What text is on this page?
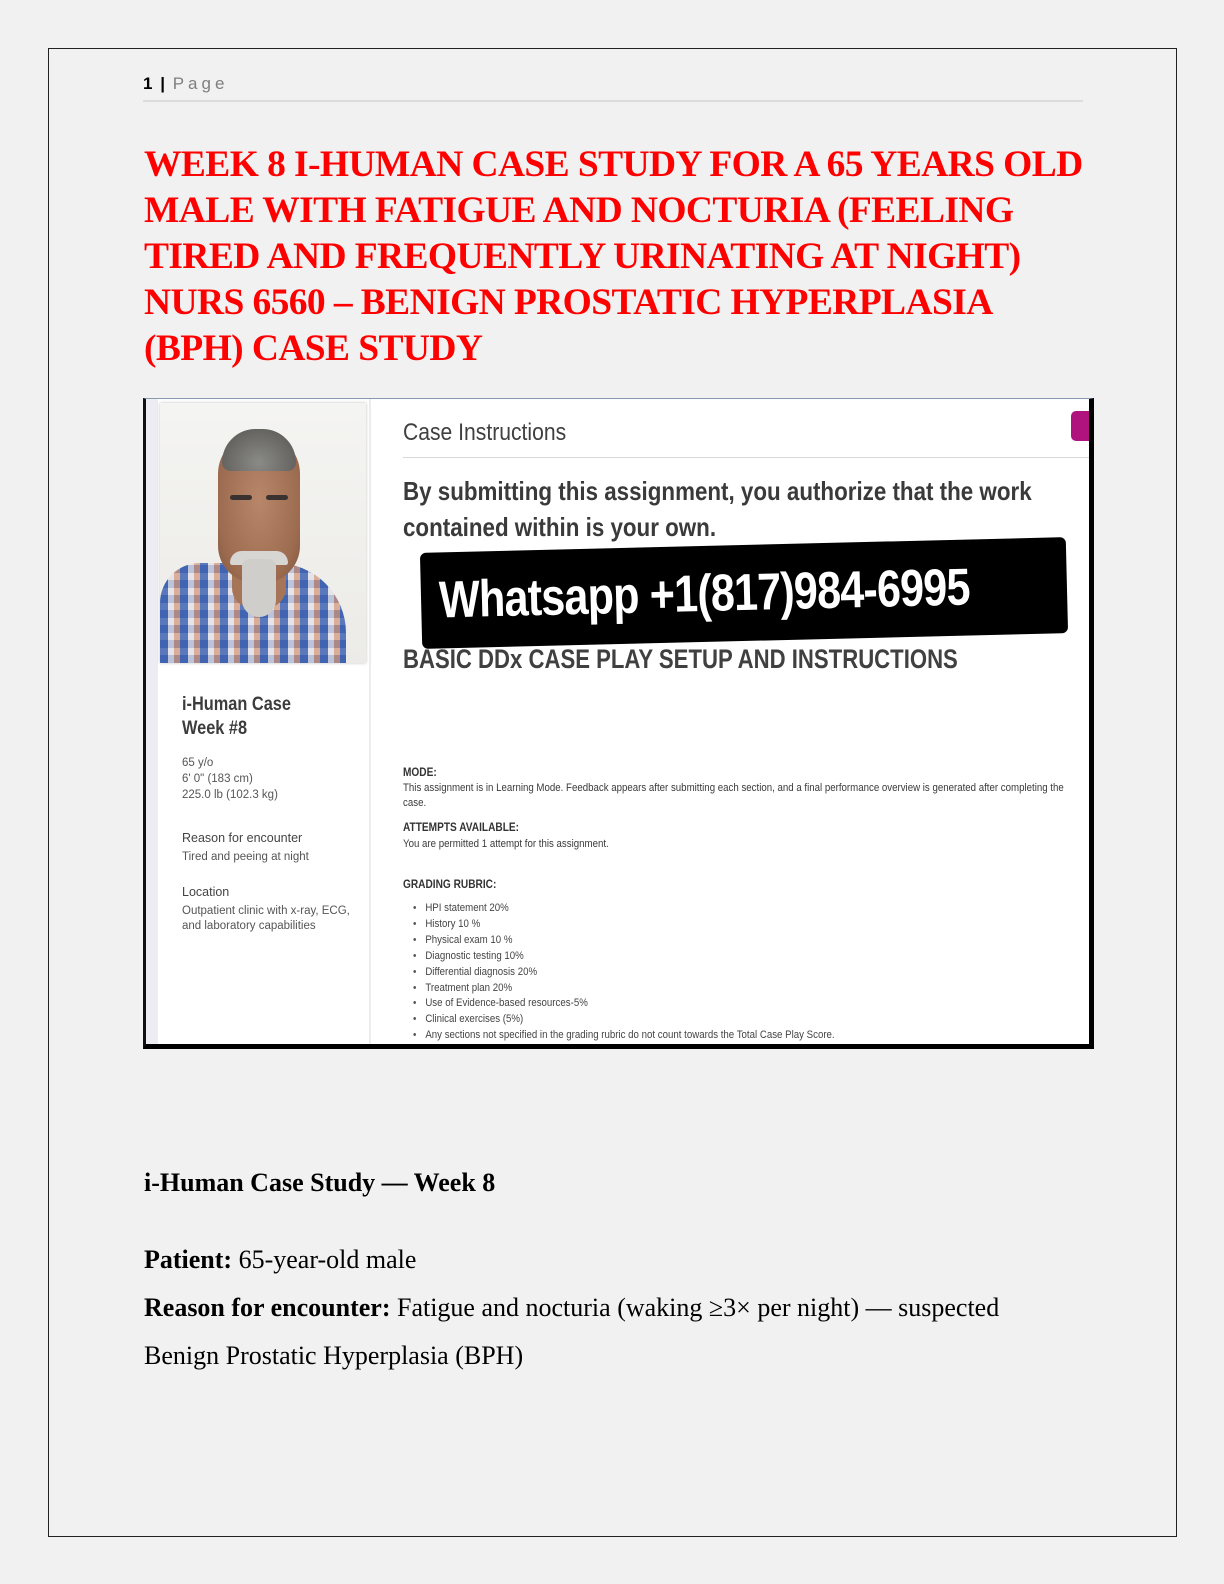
1 | Page
WEEK 8 I-HUMAN CASE STUDY FOR A 65 YEARS OLD MALE WITH FATIGUE AND NOCTURIA (FEELING TIRED AND FREQUENTLY URINATING AT NIGHT) NURS 6560 – BENIGN PROSTATIC HYPERPLASIA (BPH) CASE STUDY
i-Human Case Week #8
65 y/o
6' 0" (183 cm)
225.0 lb (102.3 kg)
Reason for encounter
Tired and peeing at night
Location
Outpatient clinic with x-ray, ECG, and laboratory capabilities
Case Instructions
By submitting this assignment, you authorize that the work contained within is your own.
Whatsapp +1(817)984-6995
BASIC DDx CASE PLAY SETUP AND INSTRUCTIONS
MODE:
This assignment is in Learning Mode. Feedback appears after submitting each section, and a final performance overview is generated after completing the case.
ATTEMPTS AVAILABLE:
You are permitted 1 attempt for this assignment.
GRADING RUBRIC:
• HPI statement 20%
• History 10 %
• Physical exam 10 %
• Diagnostic testing 10%
• Differential diagnosis 20%
• Treatment plan 20%
• Use of Evidence-based resources-5%
• Clinical exercises (5%)
• Any sections not specified in the grading rubric do not count towards the Total Case Play Score.
i-Human Case Study — Week 8
Patient: 65-year-old male
Reason for encounter: Fatigue and nocturia (waking ≥3× per night) — suspected Benign Prostatic Hyperplasia (BPH)
